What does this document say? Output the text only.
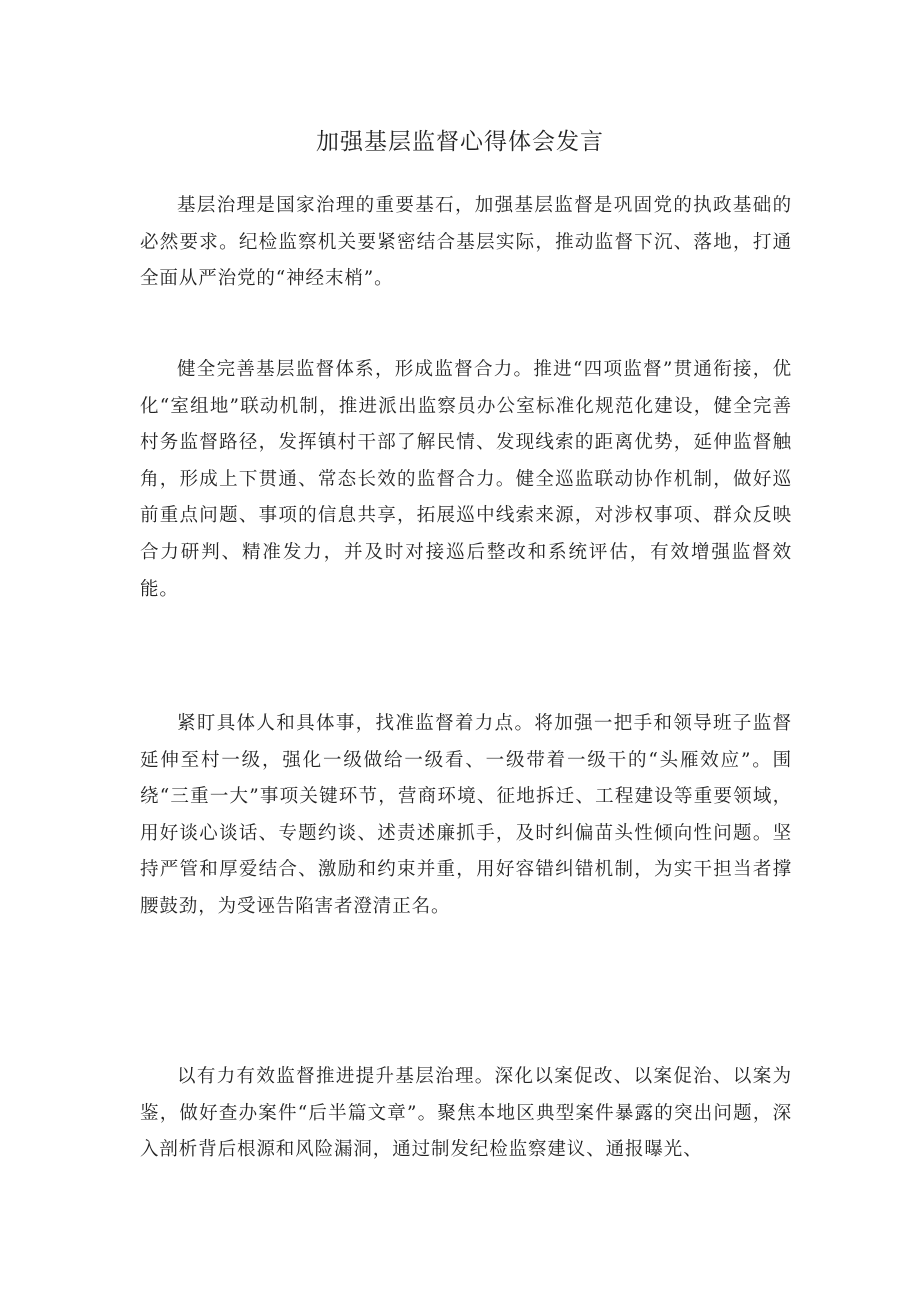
加强基层监督心得体会发言

基层治理是国家治理的重要基石，加强基层监督是巩固党的执政基础的必然要求。纪检监察机关要紧密结合基层实际，推动监督下沉、落地，打通全面从严治党的“神经末梢”。

健全完善基层监督体系，形成监督合力。推进“四项监督”贯通衔接，优化“室组地”联动机制，推进派出监察员办公室标准化规范化建设，健全完善村务监督路径，发挥镇村干部了解民情、发现线索的距离优势，延伸监督触角，形成上下贯通、常态长效的监督合力。健全巡监联动协作机制，做好巡前重点问题、事项的信息共享，拓展巡中线索来源，对涉权事项、群众反映合力研判、精准发力，并及时对接巡后整改和系统评估，有效增强监督效能。

紧盯具体人和具体事，找准监督着力点。将加强一把手和领导班子监督延伸至村一级，强化一级做给一级看、一级带着一级干的“头雁效应”。围绕“三重一大”事项关键环节，营商环境、征地拆迁、工程建设等重要领域，用好谈心谈话、专题约谈、述责述廉抓手，及时纠偏苗头性倾向性问题。坚持严管和厚爱结合、激励和约束并重，用好容错纠错机制，为实干担当者撑腰鼓劲，为受诬告陷害者澄清正名。

以有力有效监督推进提升基层治理。深化以案促改、以案促治、以案为鉴，做好查办案件“后半篇文章”。聚焦本地区典型案件暴露的突出问题，深入剖析背后根源和风险漏洞，通过制发纪检监察建议、通报曝光、
